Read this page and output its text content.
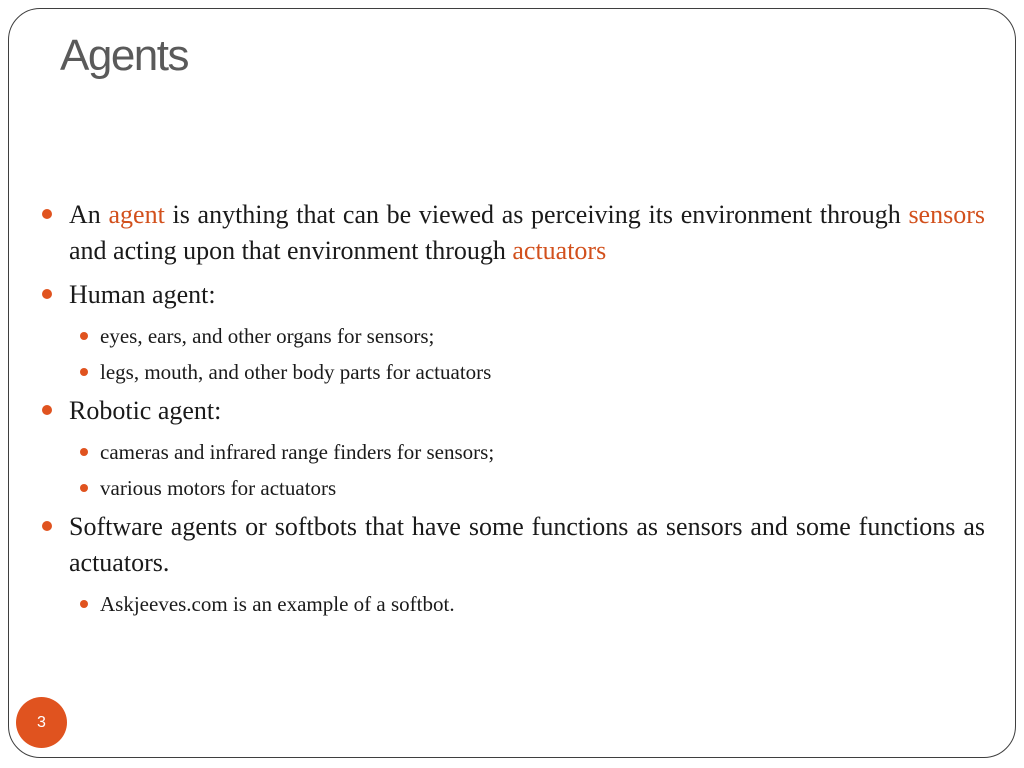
Agents

An agent is anything that can be viewed as perceiving its environment through sensors and acting upon that environment through actuators

Human agent:

eyes, ears, and other organs for sensors;

legs, mouth, and other body parts for actuators

Robotic agent:

cameras and infrared range finders for sensors;

various motors for actuators

Software agents or softbots that have some functions as sensors and some functions as actuators.

Askjeeves.com is an example of a softbot.

3
